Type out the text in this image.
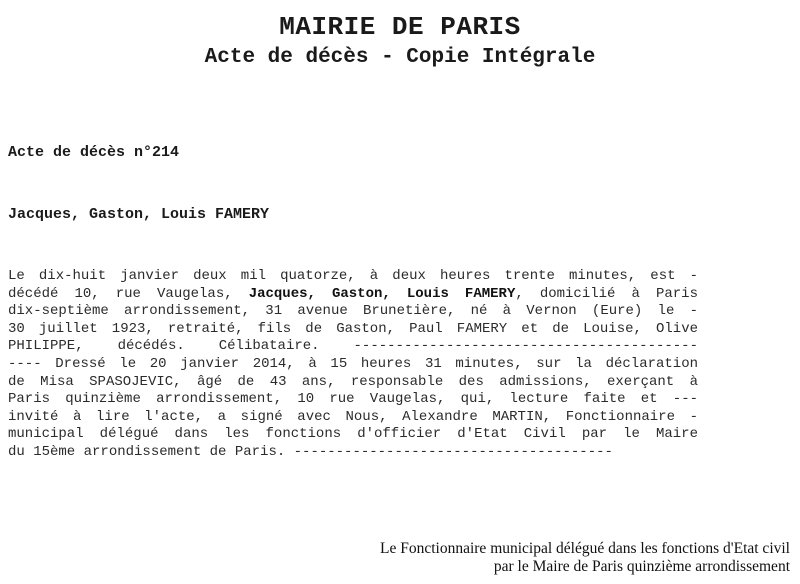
MAIRIE DE PARIS
Acte de décès - Copie Intégrale
Acte de décès n°214
Jacques, Gaston, Louis FAMERY
Le dix-huit janvier deux mil quatorze, à deux heures trente minutes, est -
décédé 10, rue Vaugelas, Jacques, Gaston, Louis FAMERY, domicilié à Paris
dix-septième arrondissement, 31 avenue Brunetière, né à Vernon (Eure) le -
30 juillet 1923, retraité, fils de Gaston, Paul FAMERY et de Louise, Olive
PHILIPPE, décédés. Célibataire. -----------------------------------------
---- Dressé le 20 janvier 2014, à 15 heures 31 minutes, sur la déclaration
de Misa SPASOJEVIC, âgé de 43 ans, responsable des admissions, exerçant à
Paris quinzième arrondissement, 10 rue Vaugelas, qui, lecture faite et ---
invité à lire l'acte, a signé avec Nous, Alexandre MARTIN, Fonctionnaire -
municipal délégué dans les fonctions d'officier d'Etat Civil par le Maire
du 15ème arrondissement de Paris. --------------------------------------
Le Fonctionnaire municipal délégué dans les fonctions d'Etat civil
par le Maire de Paris quinzième arrondissement
